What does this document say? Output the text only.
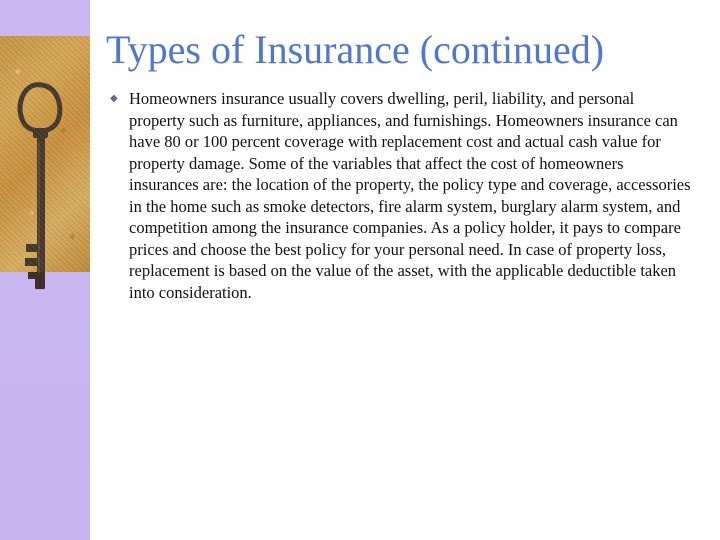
Types of Insurance (continued)
◆ Homeowners insurance usually covers dwelling, peril, liability, and personal property such as furniture, appliances, and furnishings. Homeowners insurance can have 80 or 100 percent coverage with replacement cost and actual cash value for property damage. Some of the variables that affect the cost of homeowners insurances are: the location of the property, the policy type and coverage, accessories in the home such as smoke detectors, fire alarm system, burglary alarm system, and competition among the insurance companies. As a policy holder, it pays to compare prices and choose the best policy for your personal need. In case of property loss, replacement is based on the value of the asset, with the applicable deductible taken into consideration.
